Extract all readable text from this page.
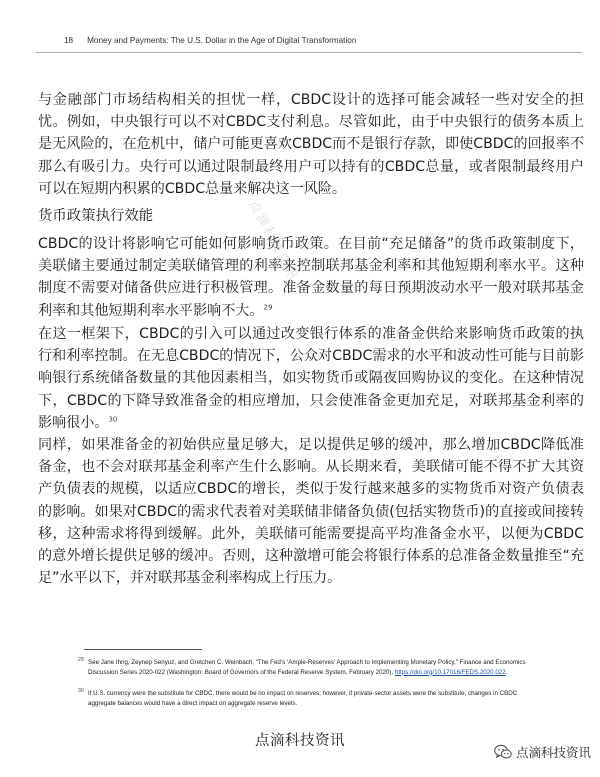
18 Money and Payments: The U.S. Dollar in the Age of Digital Transformation
点滴科技资讯

与金融部门市场结构相关的担忧一样，CBDC设计的选择可能会减轻一些对安全的担忧。例如，中央银行可以不对CBDC支付利息。尽管如此，由于中央银行的债务本质上是无风险的，在危机中，储户可能更喜欢CBDC而不是银行存款，即使CBDC的回报率不那么有吸引力。央行可以通过限制最终用户可以持有的CBDC总量，或者限制最终用户可以在短期内积累的CBDC总量来解决这一风险。

货币政策执行效能

CBDC的设计将影响它可能如何影响货币政策。在目前“充足储备”的货币政策制度下，美联储主要通过制定美联储管理的利率来控制联邦基金利率和其他短期利率水平。这种制度不需要对储备供应进行积极管理。准备金数量的每日预期波动水平一般对联邦基金利率和其他短期利率水平影响不大。$^{29}$

在这一框架下，CBDC的引入可以通过改变银行体系的准备金供给来影响货币政策的执行和利率控制。在无息CBDC的情况下，公众对CBDC需求的水平和波动性可能与目前影响银行系统储备数量的其他因素相当，如实物货币或隔夜回购协议的变化。在这种情况下，CBDC的下降导致准备金的相应增加，只会使准备金更加充足，对联邦基金利率的影响很小。$^{30}$

同样，如果准备金的初始供应量足够大，足以提供足够的缓冲，那么增加CBDC降低准备金，也不会对联邦基金利率产生什么影响。从长期来看，美联储可能不得不扩大其资产负债表的规模，以适应CBDC的增长，类似于发行越来越多的实物货币对资产负债表的影响。如果对CBDC的需求代表着对美联储非储备负债(包括实物货币)的直接或间接转移，这种需求将得到缓解。此外，美联储可能需要提高平均准备金水平，以便为CBDC的意外增长提供足够的缓冲。否则，这种激增可能会将银行体系的总准备金数量推至“充足”水平以下，并对联邦基金利率构成上行压力。

29 See Jane Ihrig, Zeynep Senyuz, and Gretchen C. Weinbach, “The Fed’s ‘Ample-Reserves’ Approach to Implementing Monetary Policy,” Finance and Economics Discussion Series 2020-022 (Washington: Board of Governors of the Federal Reserve System, February 2020), https://doi.org/10.17016/FEDS.2020.022.
30 If U.S. currency were the substitute for CBDC, there would be no impact on reserves; however, if private-sector assets were the substitute, changes in CBDC aggregate balances would have a direct impact on aggregate reserve levels.
点滴科技资讯
点滴科技资讯
